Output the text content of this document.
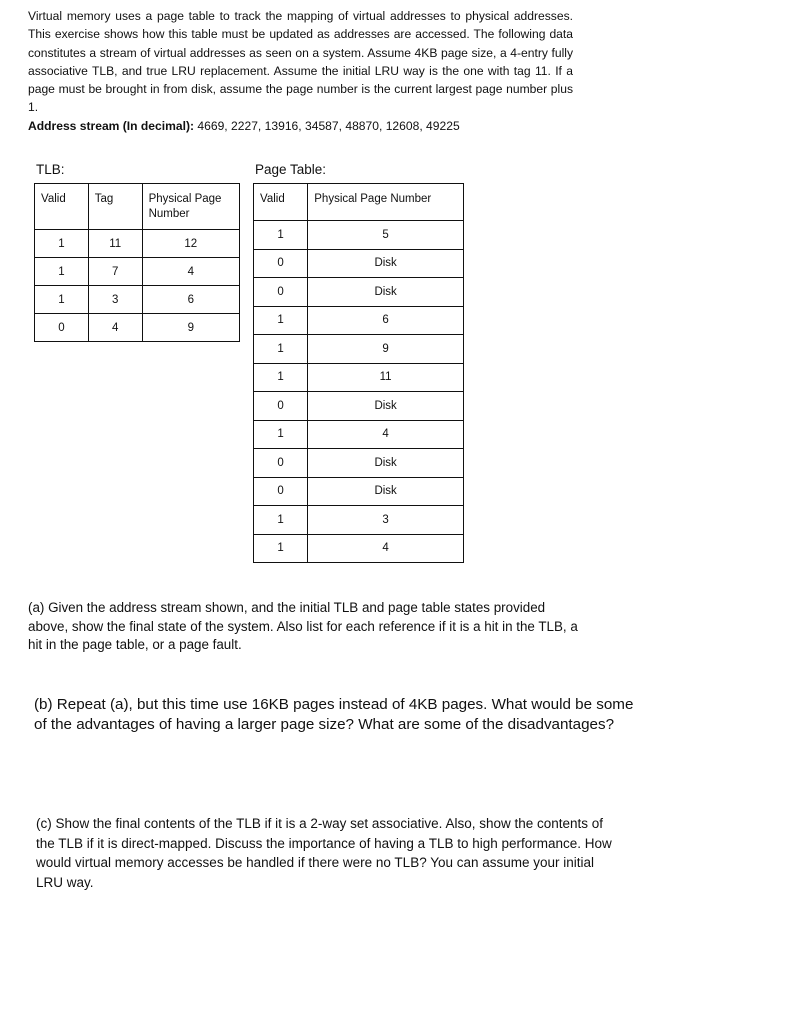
Virtual memory uses a page table to track the mapping of virtual addresses to physical addresses. This exercise shows how this table must be updated as addresses are accessed. The following data constitutes a stream of virtual addresses as seen on a system. Assume 4KB page size, a 4-entry fully associative TLB, and true LRU replacement. Assume the initial LRU way is the one with tag 11. If a page must be brought in from disk, assume the page number is the current largest page number plus 1.

Address stream (In decimal): 4669, 2227, 13916, 34587, 48870, 12608, 49225

TLB:	Page Table:
Valid	Tag	Physical Page Number
1	11	12
1	7	4
1	3	6
0	4	9
Valid	Physical Page Number
1	5
0	Disk
0	Disk
1	6
1	9
1	11
0	Disk
1	4
0	Disk
0	Disk
1	3
1	4

(a) Given the address stream shown, and the initial TLB and page table states provided above, show the final state of the system. Also list for each reference if it is a hit in the TLB, a hit in the page table, or a page fault.

(b) Repeat (a), but this time use 16KB pages instead of 4KB pages. What would be some of the advantages of having a larger page size? What are some of the disadvantages?

(c) Show the final contents of the TLB if it is a 2-way set associative. Also, show the contents of the TLB if it is direct-mapped. Discuss the importance of having a TLB to high performance. How would virtual memory accesses be handled if there were no TLB? You can assume your initial LRU way.
